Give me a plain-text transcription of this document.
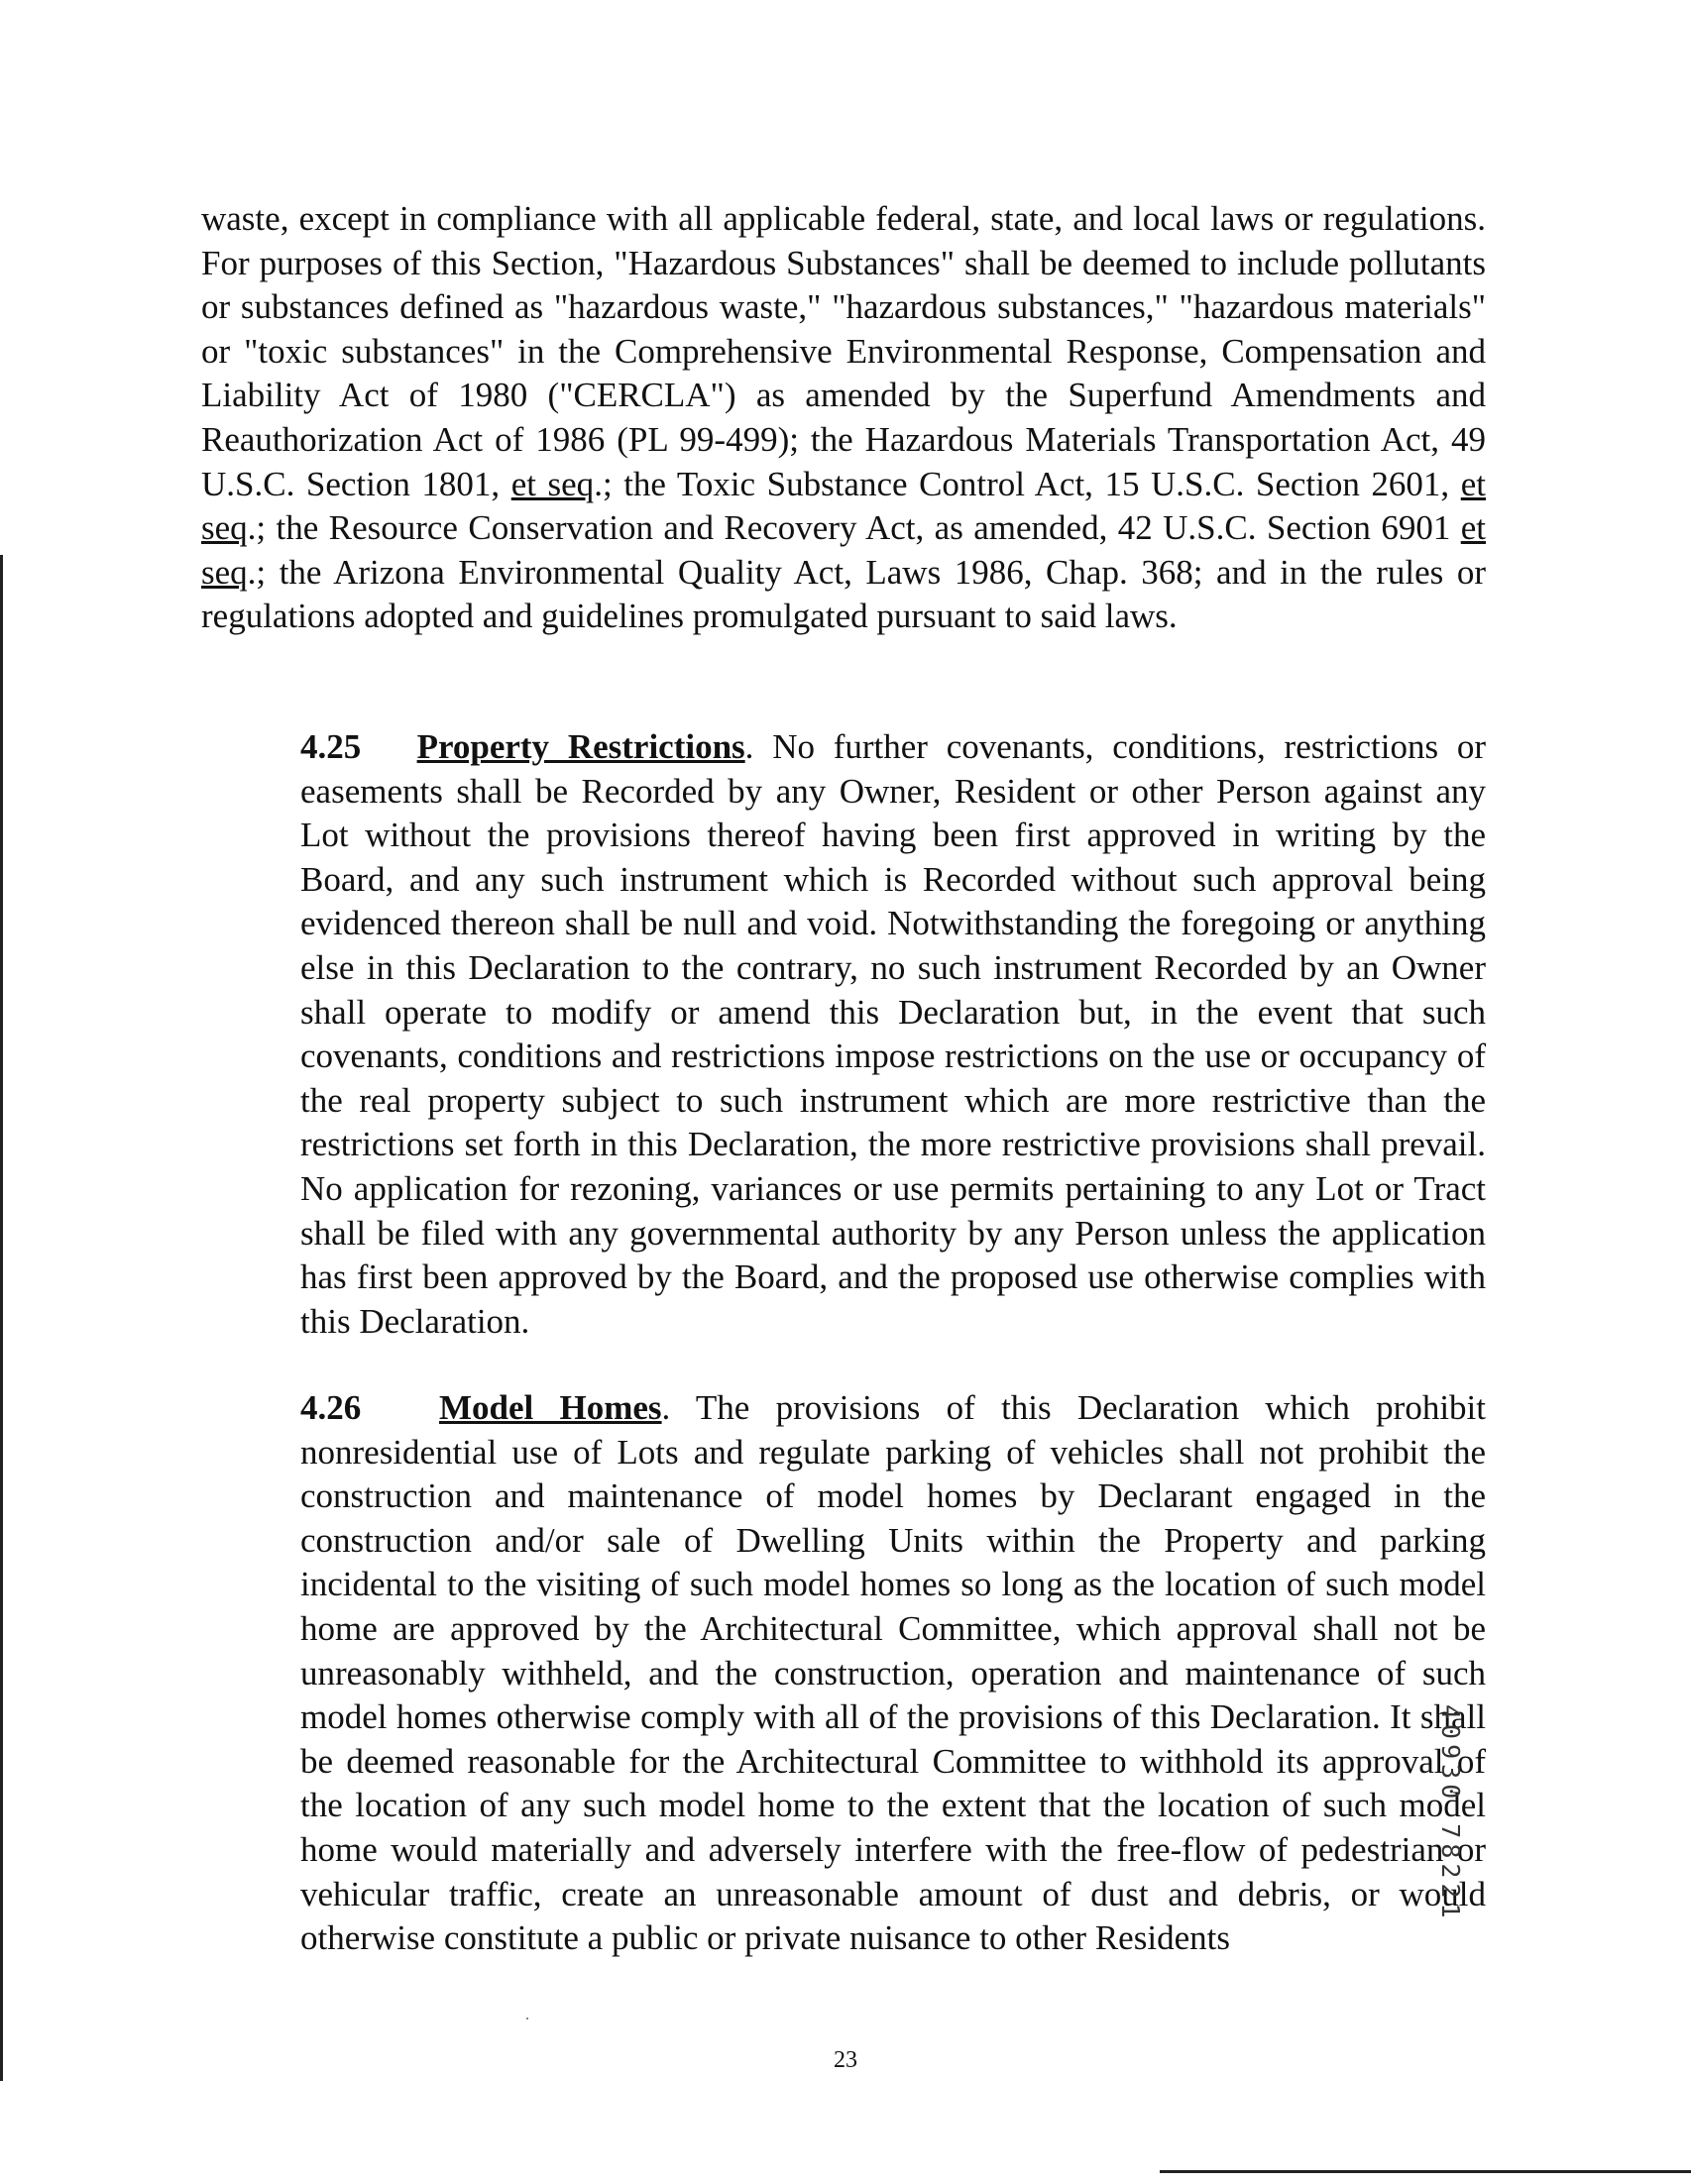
waste, except in compliance with all applicable federal, state, and local laws or regulations. For purposes of this Section, "Hazardous Substances" shall be deemed to include pollutants or substances defined as "hazardous waste," "hazardous substances," "hazardous materials" or "toxic substances" in the Comprehensive Environmental Response, Compensation and Liability Act of 1980 ("CERCLA") as amended by the Superfund Amendments and Reauthorization Act of 1986 (PL 99-499); the Hazardous Materials Transportation Act, 49 U.S.C. Section 1801, et seq.; the Toxic Substance Control Act, 15 U.S.C. Section 2601, et seq.; the Resource Conservation and Recovery Act, as amended, 42 U.S.C. Section 6901 et seq.; the Arizona Environmental Quality Act, Laws 1986, Chap. 368; and in the rules or regulations adopted and guidelines promulgated pursuant to said laws.

4.25 Property Restrictions. No further covenants, conditions, restrictions or easements shall be Recorded by any Owner, Resident or other Person against any Lot without the provisions thereof having been first approved in writing by the Board, and any such instrument which is Recorded without such approval being evidenced thereon shall be null and void. Notwithstanding the foregoing or anything else in this Declaration to the contrary, no such instrument Recorded by an Owner shall operate to modify or amend this Declaration but, in the event that such covenants, conditions and restrictions impose restrictions on the use or occupancy of the real property subject to such instrument which are more restrictive than the restrictions set forth in this Declaration, the more restrictive provisions shall prevail. No application for rezoning, variances or use permits pertaining to any Lot or Tract shall be filed with any governmental authority by any Person unless the application has first been approved by the Board, and the proposed use otherwise complies with this Declaration.

4.26 Model Homes. The provisions of this Declaration which prohibit nonresidential use of Lots and regulate parking of vehicles shall not prohibit the construction and maintenance of model homes by Declarant engaged in the construction and/or sale of Dwelling Units within the Property and parking incidental to the visiting of such model homes so long as the location of such model home are approved by the Architectural Committee, which approval shall not be unreasonably withheld, and the construction, operation and maintenance of such model homes otherwise comply with all of the provisions of this Declaration. It shall be deemed reasonable for the Architectural Committee to withhold its approval of the location of any such model home to the extent that the location of such model home would materially and adversely interfere with the free-flow of pedestrian or vehicular traffic, create an unreasonable amount of dust and debris, or would otherwise constitute a public or private nuisance to other Residents

40930 78221
23
